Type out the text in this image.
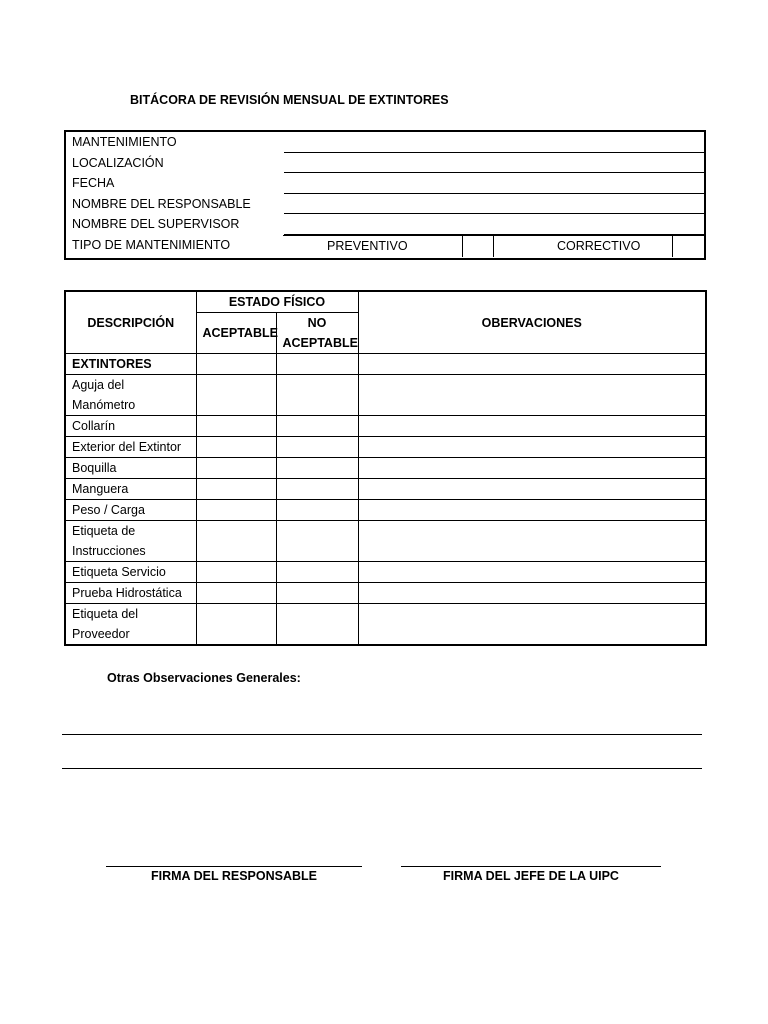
BITÁCORA DE REVISIÓN MENSUAL DE EXTINTORES
MANTENIMIENTO
LOCALIZACIÓN
FECHA
NOMBRE DEL RESPONSABLE
NOMBRE DEL SUPERVISOR
TIPO DE MANTENIMIENTO	PREVENTIVO	CORRECTIVO
DESCRIPCIÓN	ESTADO FÍSICO		OBERVACIONES
	ACEPTABLE	NO ACEPTABLE	
EXTINTORES			
Aguja del Manómetro			
Collarín			
Exterior del Extintor			
Boquilla			
Manguera			
Peso / Carga			
Etiqueta de Instrucciones			
Etiqueta Servicio			
Prueba Hidrostática			
Etiqueta del Proveedor			
Otras Observaciones Generales:
FIRMA DEL RESPONSABLE	FIRMA DEL JEFE DE LA UIPC
